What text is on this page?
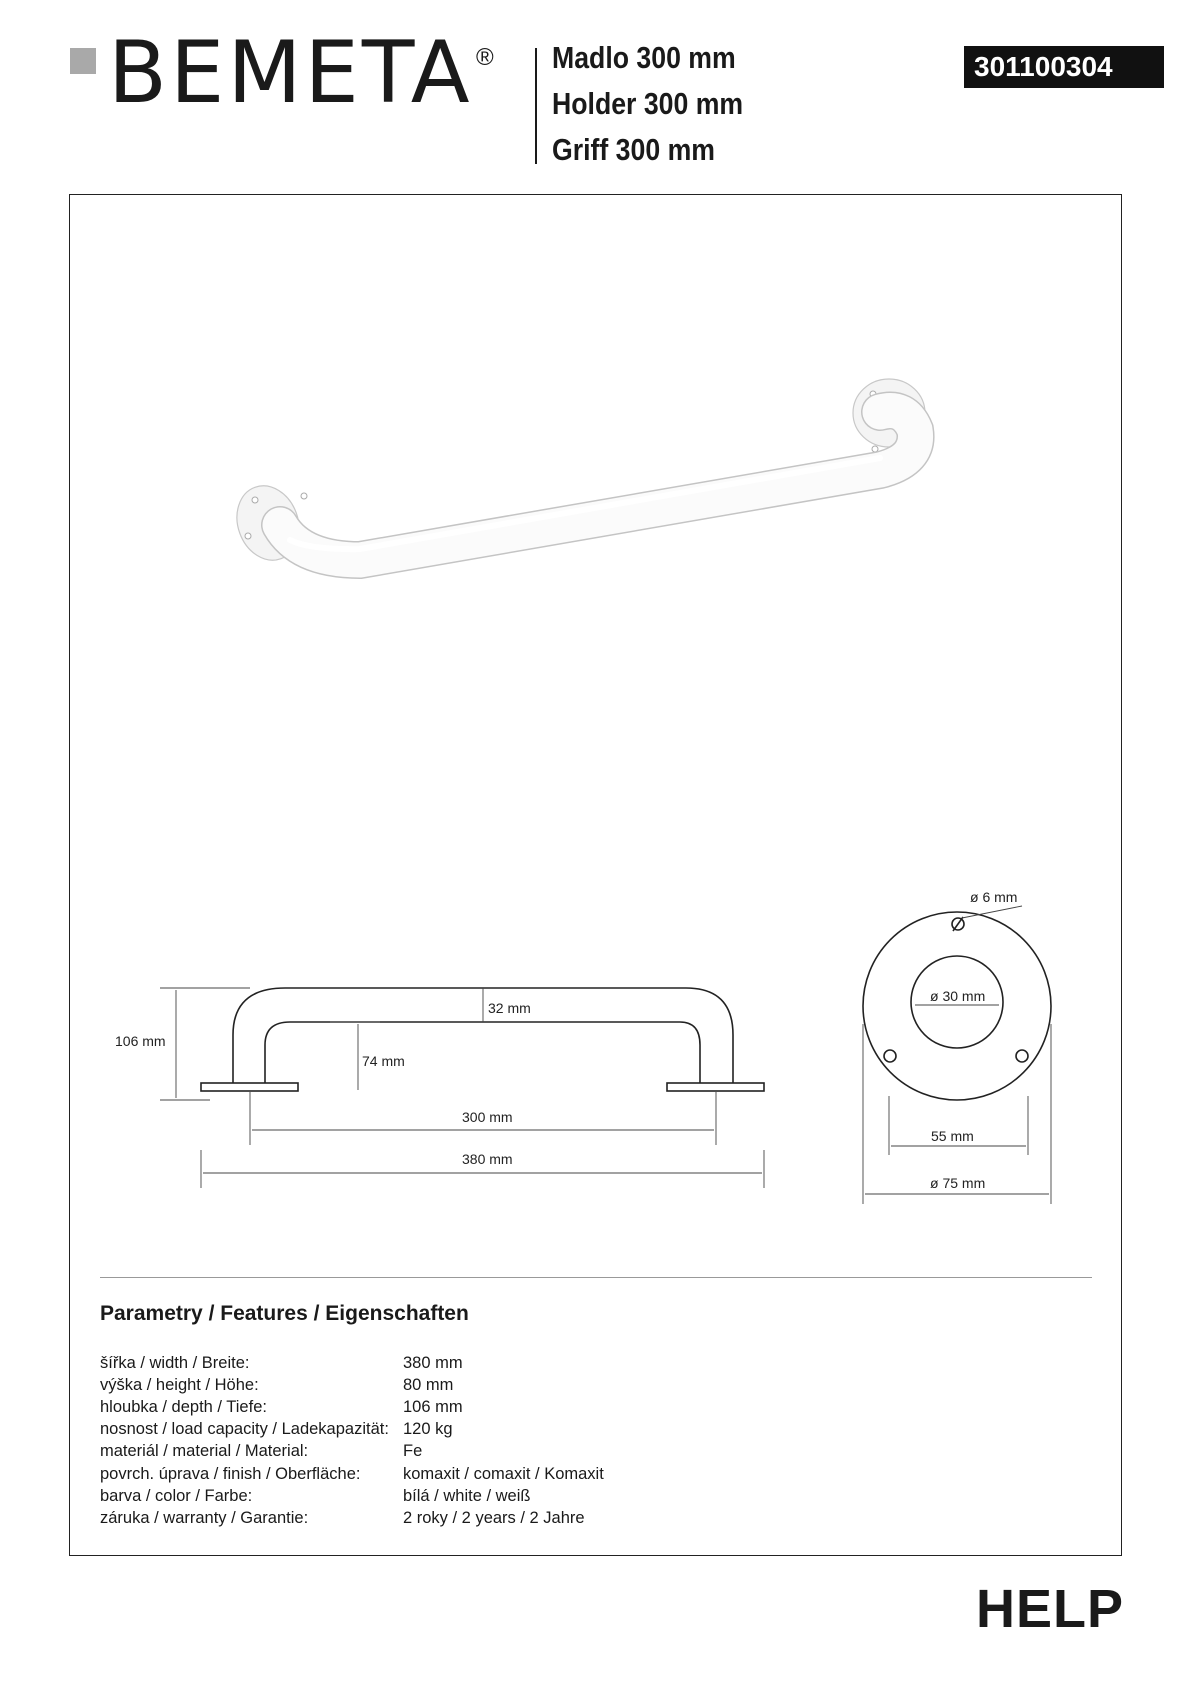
BEMETA ® Madlo 300 mm
Holder 300 mm
Griff 300 mm
301100304
106 mm
32 mm
74 mm
300 mm
380 mm
ø 6 mm
ø 30 mm
55 mm
ø 75 mm
Parametry / Features / Eigenschaften
šířka / width / Breite:	380 mm
výška / height / Höhe:	80 mm
hloubka / depth / Tiefe:	106 mm
nosnost / load capacity / Ladekapazität: 120 kg
materiál / material / Material:	Fe
povrch. úprava / finish / Oberfläche:	komaxit / comaxit / Komaxit
barva / color / Farbe:	bílá / white / weiß
záruka / warranty / Garantie:	2 roky / 2 years / 2 Jahre
HELP
